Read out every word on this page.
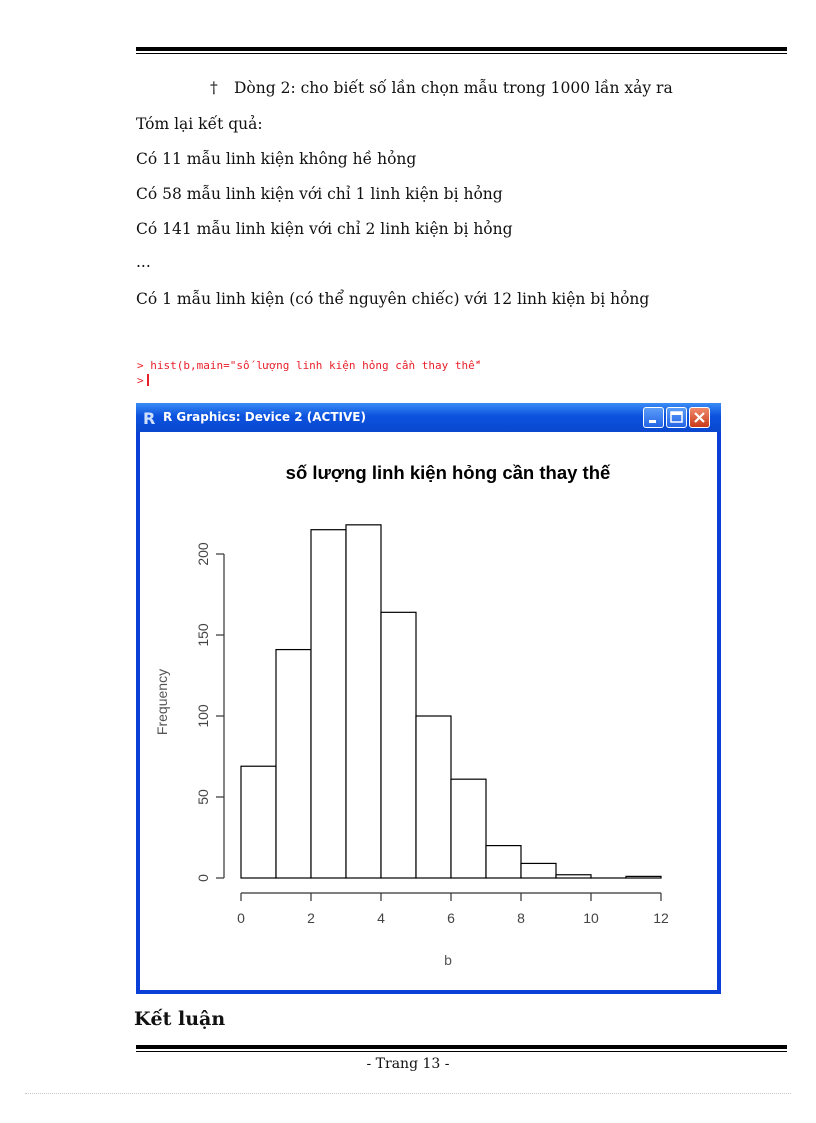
† Dòng 2: cho biết số lần chọn mẫu trong 1000 lần xảy ra
Tóm lại kết quả:
Có 11 mẫu linh kiện không hề hỏng
Có 58 mẫu linh kiện với chỉ 1 linh kiện bị hỏng
Có 141 mẫu linh kiện với chỉ 2 linh kiện bị hỏng
...
Có 1 mẫu linh kiện (có thể nguyên chiếc) với 12 linh kiện bị hỏng
> hist(b,main="số lượng linh kiện hỏng cần thay thế"
>
R R Graphics: Device 2 (ACTIVE)
số lượng linh kiện hỏng cần thay thế
Frequency
b
0	2	4	6	8	10	12
0
50
100
150
200
Kết luận
- Trang 13 -
